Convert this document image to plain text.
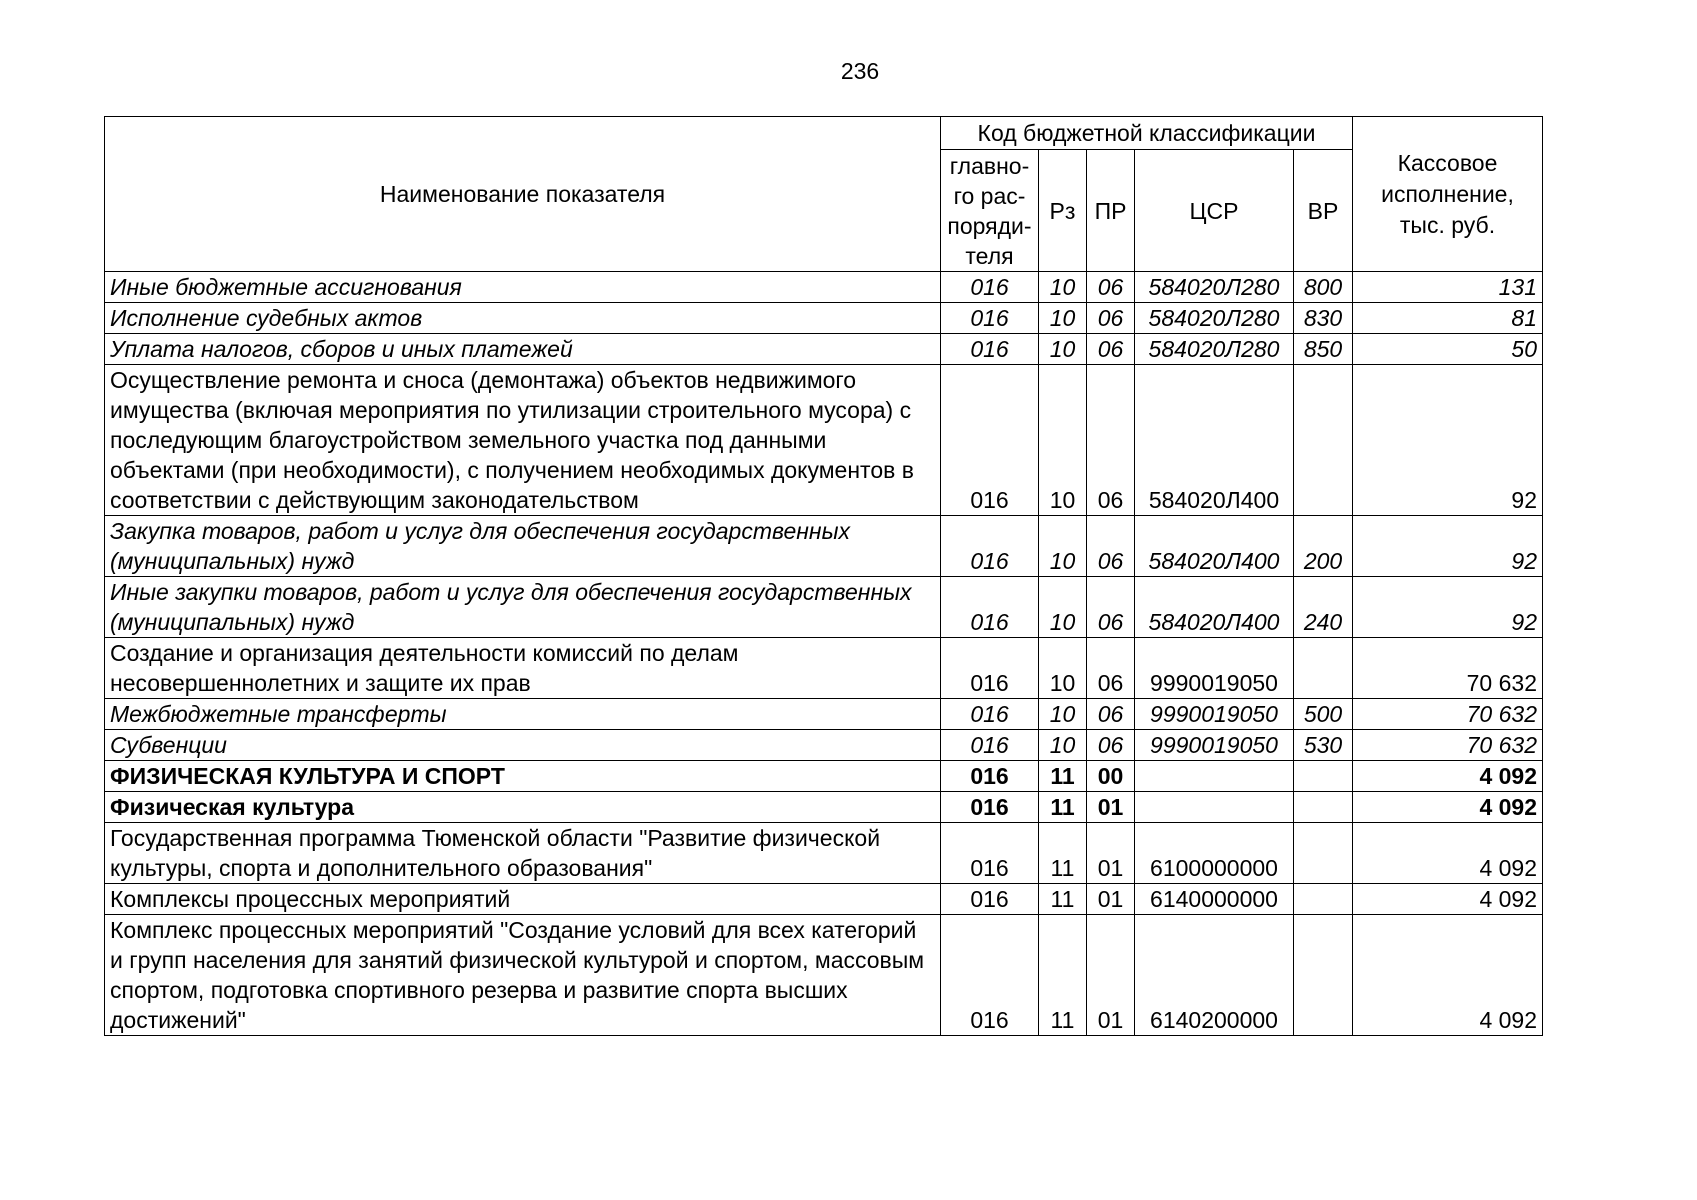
236
Наименование показателя	Код бюджетной классификации					Кассовое исполнение, тыс. руб.
	главно-го рас-поряди-теля	Рз	ПР	ЦСР	ВР	
Иные бюджетные ассигнования	016	10	06	584020Л280	800	131
Исполнение судебных актов	016	10	06	584020Л280	830	81
Уплата налогов, сборов и иных платежей	016	10	06	584020Л280	850	50
Осуществление ремонта и сноса (демонтажа) объектов недвижимого имущества (включая мероприятия по утилизации строительного мусора) с последующим благоустройством земельного участка под данными объектами (при необходимости), с получением необходимых документов в соответствии с действующим законодательством	016	10	06	584020Л400		92
Закупка товаров, работ и услуг для обеспечения государственных (муниципальных) нужд	016	10	06	584020Л400	200	92
Иные закупки товаров, работ и услуг для обеспечения государственных (муниципальных) нужд	016	10	06	584020Л400	240	92
Создание и организация деятельности комиссий по делам несовершеннолетних и защите их прав	016	10	06	9990019050		70 632
Межбюджетные трансферты	016	10	06	9990019050	500	70 632
Субвенции	016	10	06	9990019050	530	70 632
ФИЗИЧЕСКАЯ КУЛЬТУРА И СПОРТ	016	11	00			4 092
Физическая культура	016	11	01			4 092
Государственная программа Тюменской области "Развитие физической культуры, спорта и дополнительного образования"	016	11	01	6100000000		4 092
Комплексы процессных мероприятий	016	11	01	6140000000		4 092
Комплекс процессных мероприятий "Создание условий для всех категорий и групп населения для занятий физической культурой и спортом, массовым спортом, подготовка спортивного резерва и развитие спорта высших достижений"	016	11	01	6140200000		4 092
